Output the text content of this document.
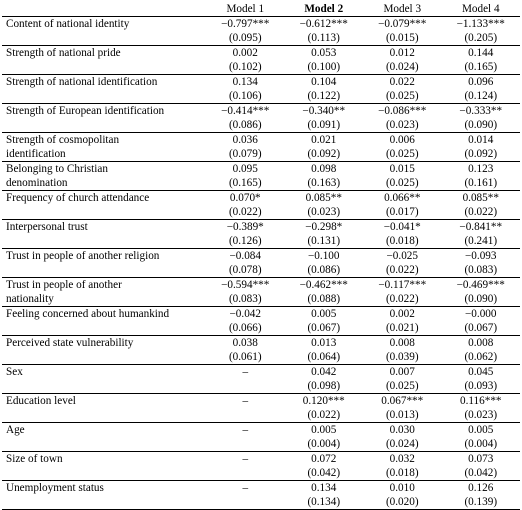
	Model 1	Model 2	Model 3	Model 4
Content of national identity	−0.797***	−0.612***	−0.079***	−1.133***
	(0.095)	(0.113)	(0.015)	(0.205)
Strength of national pride	0.002	0.053	0.012	0.144
	(0.102)	(0.100)	(0.024)	(0.165)
Strength of national identification	0.134	0.104	0.022	0.096
	(0.106)	(0.122)	(0.025)	(0.124)
Strength of European identification	−0.414***	−0.340**	−0.086***	−0.333**
	(0.086)	(0.091)	(0.023)	(0.090)
Strength of cosmopolitan	0.036	0.021	0.006	0.014
identification	(0.079)	(0.092)	(0.025)	(0.092)
Belonging to Christian	0.095	0.098	0.015	0.123
denomination	(0.165)	(0.163)	(0.025)	(0.161)
Frequency of church attendance	0.070*	0.085**	0.066**	0.085**
	(0.022)	(0.023)	(0.017)	(0.022)
Interpersonal trust	−0.389*	−0.298*	−0.041*	−0.841**
	(0.126)	(0.131)	(0.018)	(0.241)
Trust in people of another religion	−0.084	−0.100	−0.025	−0.093
	(0.078)	(0.086)	(0.022)	(0.083)
Trust in people of another	−0.594***	−0.462***	−0.117***	−0.469***
nationality	(0.083)	(0.088)	(0.022)	(0.090)
Feeling concerned about humankind	−0.042	0.005	0.002	−0.000
	(0.066)	(0.067)	(0.021)	(0.067)
Perceived state vulnerability	0.038	0.013	0.008	0.008
	(0.061)	(0.064)	(0.039)	(0.062)
Sex	–	0.042	0.007	0.045
		(0.098)	(0.025)	(0.093)
Education level	–	0.120***	0.067***	0.116***
		(0.022)	(0.013)	(0.023)
Age	–	0.005	0.030	0.005
		(0.004)	(0.024)	(0.004)
Size of town	–	0.072	0.032	0.073
		(0.042)	(0.018)	(0.042)
Unemployment status	–	0.134	0.010	0.126
		(0.134)	(0.020)	(0.139)
